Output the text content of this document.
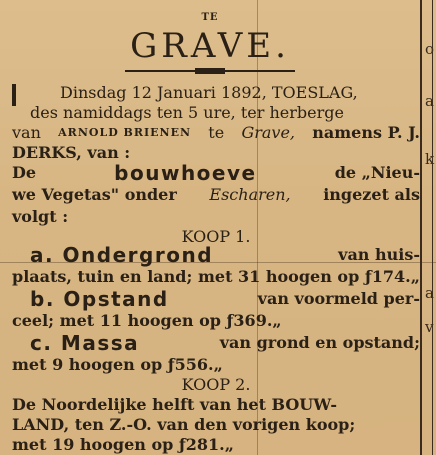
o
a
k
a
v
TE
GRAVE.
Dinsdag 12 Januari 1892, TOESLAG,
des namiddags ten 5 ure, ter herberge
van ARNOLD BRIENEN te Grave, namens P. J.
DERKS, van :
De	bouwhoeve	de „Nieu-
we Vegetas" onder Escharen, ingezet als
volgt :
KOOP 1.
a. Ondergrond	van huis-
plaats, tuin en land; met 31 hoogen op ƒ174.„
b. Opstand	van voormeld per-
ceel; met 11 hoogen op ƒ369.„
c. Massa	van grond en opstand;
met 9 hoogen op ƒ556.„
KOOP 2.
De Noordelijke helft van het BOUW-
LAND, ten Z.-O. van den vorigen koop;
met 19 hoogen op ƒ281.„
